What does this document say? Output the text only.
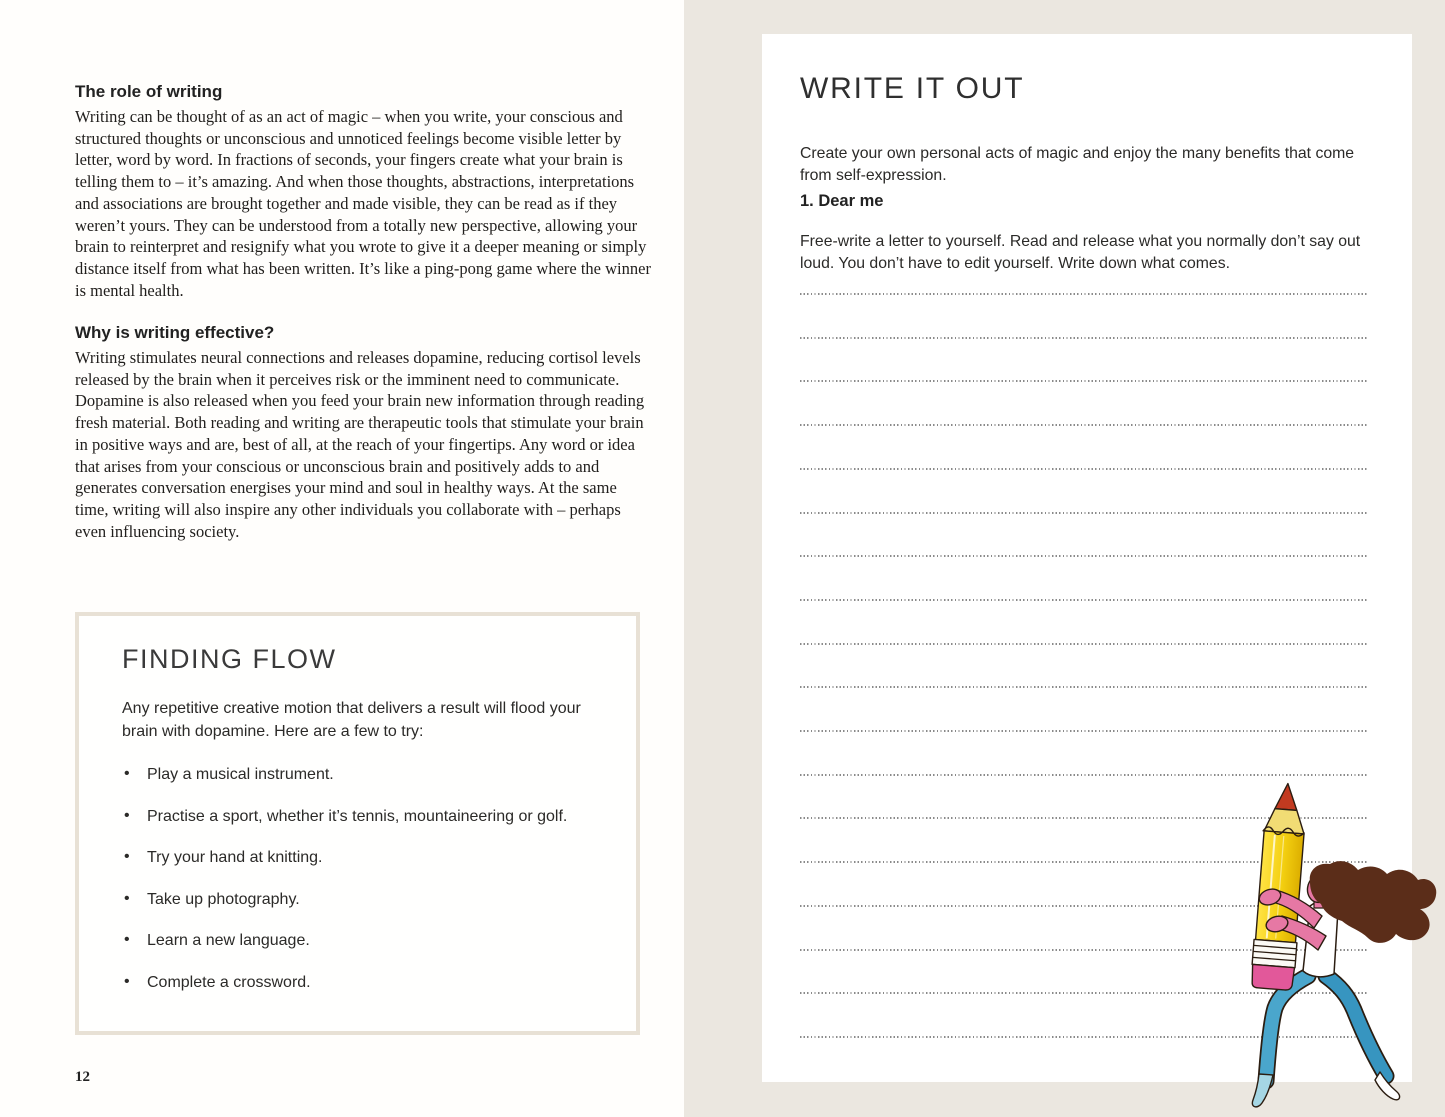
The role of writing

Writing can be thought of as an act of magic – when you write, your conscious and structured thoughts or unconscious and unnoticed feelings become visible letter by letter, word by word. In fractions of seconds, your fingers create what your brain is telling them to – it’s amazing. And when those thoughts, abstractions, interpretations and associations are brought together and made visible, they can be read as if they weren’t yours. They can be understood from a totally new perspective, allowing your brain to reinterpret and resignify what you wrote to give it a deeper meaning or simply distance itself from what has been written. It’s like a ping-pong game where the winner is mental health.

Why is writing effective?

Writing stimulates neural connections and releases dopamine, reducing cortisol levels released by the brain when it perceives risk or the imminent need to communicate. Dopamine is also released when you feed your brain new information through reading fresh material. Both reading and writing are therapeutic tools that stimulate your brain in positive ways and are, best of all, at the reach of your fingertips. Any word or idea that arises from your conscious or unconscious brain and positively adds to and generates conversation energises your mind and soul in healthy ways. At the same time, writing will also inspire any other individuals you collaborate with – perhaps even influencing society.

FINDING FLOW

Any repetitive creative motion that delivers a result will flood your brain with dopamine. Here are a few to try:

• Play a musical instrument.
• Practise a sport, whether it’s tennis, mountaineering or golf.
• Try your hand at knitting.
• Take up photography.
• Learn a new language.
• Complete a crossword.
12
WRITE IT OUT

Create your own personal acts of magic and enjoy the many benefits that come from self-expression.

1. Dear me

Free-write a letter to yourself. Read and release what you normally don’t say out loud. You don’t have to edit yourself. Write down what comes.
